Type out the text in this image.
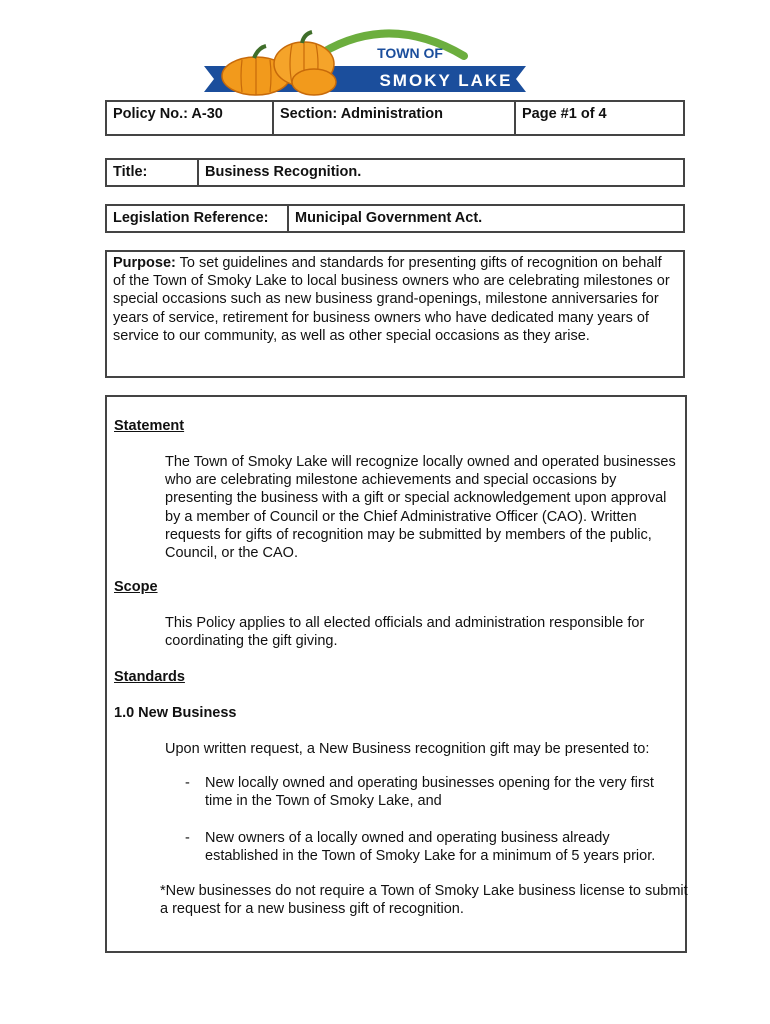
TOWN OF
SMOKY LAKE
Policy No.: A-30	Section: Administration	Page #1 of 4
Title:	Business Recognition.
Legislation Reference:	Municipal Government Act.

Purpose: To set guidelines and standards for presenting gifts of recognition on behalf of the Town of Smoky Lake to local business owners who are celebrating milestones or special occasions such as new business grand-openings, milestone anniversaries for years of service, retirement for business owners who have dedicated many years of service to our community, as well as other special occasions as they arise.

Statement

The Town of Smoky Lake will recognize locally owned and operated businesses who are celebrating milestone achievements and special occasions by presenting the business with a gift or special acknowledgement upon approval by a member of Council or the Chief Administrative Officer (CAO). Written requests for gifts of recognition may be submitted by members of the public, Council, or the CAO.

Scope

This Policy applies to all elected officials and administration responsible for coordinating the gift giving.

Standards
1.0 New Business

Upon written request, a New Business recognition gift may be presented to:

- New locally owned and operating businesses opening for the very first time in the Town of Smoky Lake, and
- New owners of a locally owned and operating business already established in the Town of Smoky Lake for a minimum of 5 years prior.

*New businesses do not require a Town of Smoky Lake business license to submit a request for a new business gift of recognition.
